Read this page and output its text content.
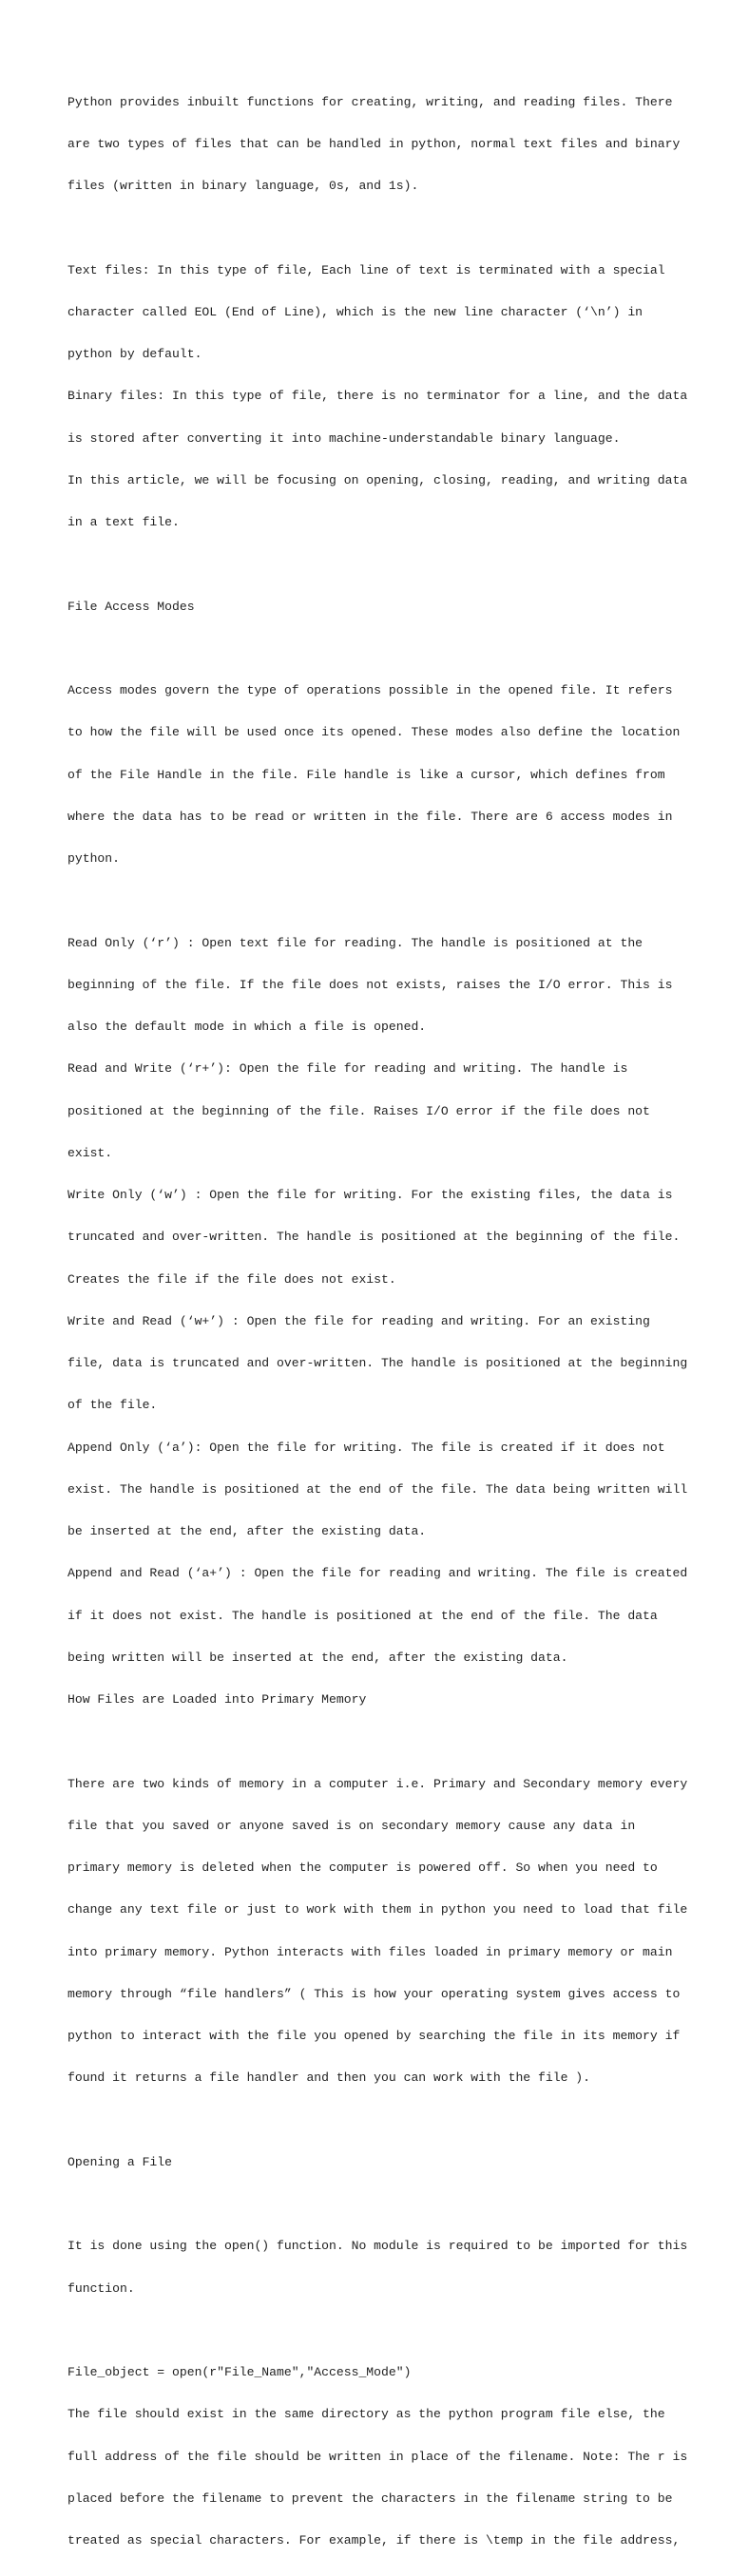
Python provides inbuilt functions for creating, writing, and reading files. There

are two types of files that can be handled in python, normal text files and binary

files (written in binary language, 0s, and 1s).

Text files: In this type of file, Each line of text is terminated with a special

character called EOL (End of Line), which is the new line character (‘\n’) in

python by default.

Binary files: In this type of file, there is no terminator for a line, and the data

is stored after converting it into machine-understandable binary language.

In this article, we will be focusing on opening, closing, reading, and writing data

in a text file.

File Access Modes

Access modes govern the type of operations possible in the opened file. It refers

to how the file will be used once its opened. These modes also define the location

of the File Handle in the file. File handle is like a cursor, which defines from

where the data has to be read or written in the file. There are 6 access modes in

python.

Read Only (‘r’) : Open text file for reading. The handle is positioned at the

beginning of the file. If the file does not exists, raises the I/O error. This is

also the default mode in which a file is opened.

Read and Write (‘r+’): Open the file for reading and writing. The handle is

positioned at the beginning of the file. Raises I/O error if the file does not

exist.

Write Only (‘w’) : Open the file for writing. For the existing files, the data is

truncated and over-written. The handle is positioned at the beginning of the file.

Creates the file if the file does not exist.

Write and Read (‘w+’) : Open the file for reading and writing. For an existing

file, data is truncated and over-written. The handle is positioned at the beginning

of the file.

Append Only (‘a’): Open the file for writing. The file is created if it does not

exist. The handle is positioned at the end of the file. The data being written will

be inserted at the end, after the existing data.

Append and Read (‘a+’) : Open the file for reading and writing. The file is created

if it does not exist. The handle is positioned at the end of the file. The data

being written will be inserted at the end, after the existing data.

How Files are Loaded into Primary Memory

There are two kinds of memory in a computer i.e. Primary and Secondary memory every

file that you saved or anyone saved is on secondary memory cause any data in

primary memory is deleted when the computer is powered off. So when you need to

change any text file or just to work with them in python you need to load that file

into primary memory. Python interacts with files loaded in primary memory or main

memory through “file handlers” ( This is how your operating system gives access to

python to interact with the file you opened by searching the file in its memory if

found it returns a file handler and then you can work with the file ).

Opening a File

It is done using the open() function. No module is required to be imported for this

function.

File_object = open(r"File_Name","Access_Mode")

The file should exist in the same directory as the python program file else, the

full address of the file should be written in place of the filename. Note: The r is

placed before the filename to prevent the characters in the filename string to be

treated as special characters. For example, if there is \temp in the file address,
